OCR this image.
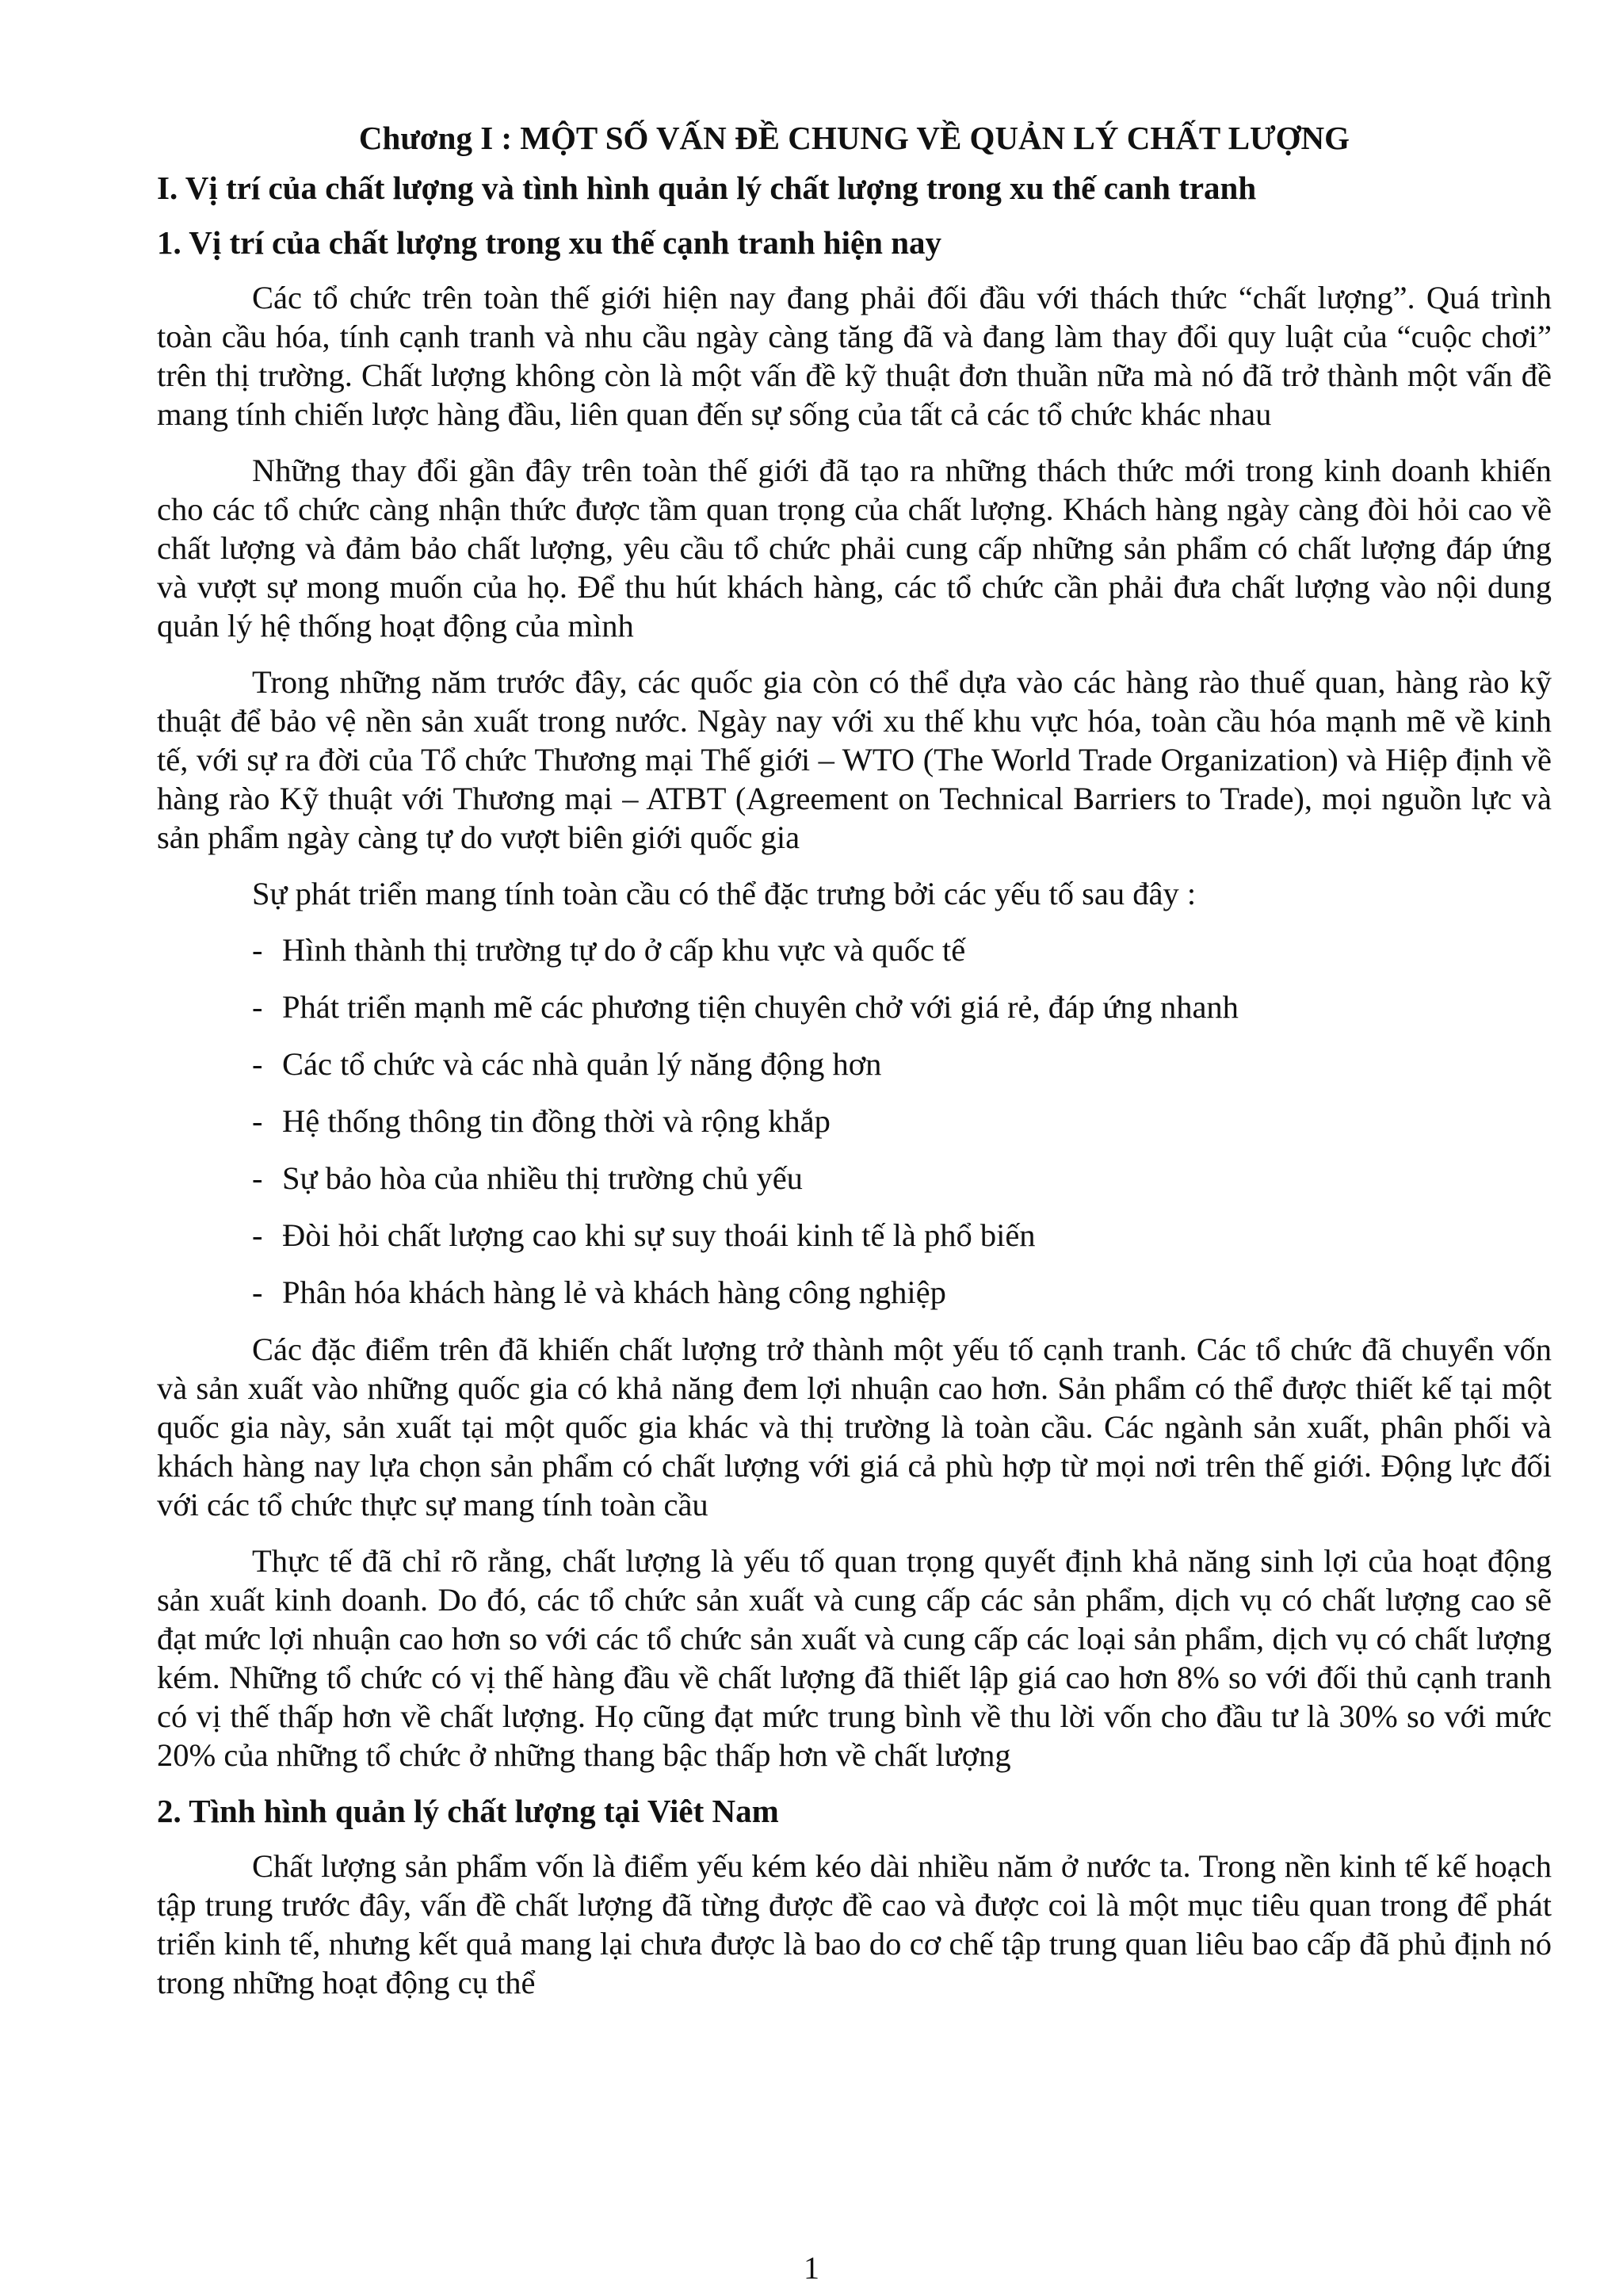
Chương I : MỘT SỐ VẤN ĐỀ CHUNG VỀ QUẢN LÝ CHẤT LƯỢNG
I. Vị trí của chất lượng và tình hình quản lý chất lượng trong xu thế canh tranh
1. Vị trí của chất lượng trong xu thế cạnh tranh hiện nay

Các tổ chức trên toàn thế giới hiện nay đang phải đối đầu với thách thức “chất lượng”. Quá trình toàn cầu hóa, tính cạnh tranh và nhu cầu ngày càng tăng đã và đang làm thay đổi quy luật của “cuộc chơi” trên thị trường. Chất lượng không còn là một vấn đề kỹ thuật đơn thuần nữa mà nó đã trở thành một vấn đề mang tính chiến lược hàng đầu, liên quan đến sự sống của tất cả các tổ chức khác nhau

Những thay đổi gần đây trên toàn thế giới đã tạo ra những thách thức mới trong kinh doanh khiến cho các tổ chức càng nhận thức được tầm quan trọng của chất lượng. Khách hàng ngày càng đòi hỏi cao về chất lượng và đảm bảo chất lượng, yêu cầu tổ chức phải cung cấp những sản phẩm có chất lượng đáp ứng và vượt sự mong muốn của họ. Để thu hút khách hàng, các tổ chức cần phải đưa chất lượng vào nội dung quản lý hệ thống hoạt động của mình

Trong những năm trước đây, các quốc gia còn có thể dựa vào các hàng rào thuế quan, hàng rào kỹ thuật để bảo vệ nền sản xuất trong nước. Ngày nay với xu thế khu vực hóa, toàn cầu hóa mạnh mẽ về kinh tế, với sự ra đời của Tổ chức Thương mại Thế giới – WTO (The World Trade Organization) và Hiệp định về hàng rào Kỹ thuật với Thương mại – ATBT (Agreement on Technical Barriers to Trade), mọi nguồn lực và sản phẩm ngày càng tự do vượt biên giới quốc gia

Sự phát triển mang tính toàn cầu có thể đặc trưng bởi các yếu tố sau đây :

- Hình thành thị trường tự do ở cấp khu vực và quốc tế
- Phát triển mạnh mẽ các phương tiện chuyên chở với giá rẻ, đáp ứng nhanh
- Các tổ chức và các nhà quản lý năng động hơn
- Hệ thống thông tin đồng thời và rộng khắp
- Sự bảo hòa của nhiều thị trường chủ yếu
- Đòi hỏi chất lượng cao khi sự suy thoái kinh tế là phổ biến
- Phân hóa khách hàng lẻ và khách hàng công nghiệp

Các đặc điểm trên đã khiến chất lượng trở thành một yếu tố cạnh tranh. Các tổ chức đã chuyển vốn và sản xuất vào những quốc gia có khả năng đem lợi nhuận cao hơn. Sản phẩm có thể được thiết kế tại một quốc gia này, sản xuất tại một quốc gia khác và thị trường là toàn cầu. Các ngành sản xuất, phân phối và khách hàng nay lựa chọn sản phẩm có chất lượng với giá cả phù hợp từ mọi nơi trên thế giới. Động lực đối với các tổ chức thực sự mang tính toàn cầu

Thực tế đã chỉ rõ rằng, chất lượng là yếu tố quan trọng quyết định khả năng sinh lợi của hoạt động sản xuất kinh doanh. Do đó, các tổ chức sản xuất và cung cấp các sản phẩm, dịch vụ có chất lượng cao sẽ đạt mức lợi nhuận cao hơn so với các tổ chức sản xuất và cung cấp các loại sản phẩm, dịch vụ có chất lượng kém. Những tổ chức có vị thế hàng đầu về chất lượng đã thiết lập giá cao hơn 8% so với đối thủ cạnh tranh có vị thế thấp hơn về chất lượng. Họ cũng đạt mức trung bình về thu lời vốn cho đầu tư là 30% so với mức 20% của những tổ chức ở những thang bậc thấp hơn về chất lượng

2. Tình hình quản lý chất lượng tại Viêt Nam

Chất lượng sản phẩm vốn là điểm yếu kém kéo dài nhiều năm ở nước ta. Trong nền kinh tế kế hoạch tập trung trước đây, vấn đề chất lượng đã từng được đề cao và được coi là một mục tiêu quan trong để phát triển kinh tế, nhưng kết quả mang lại chưa được là bao do cơ chế tập trung quan liêu bao cấp đã phủ định nó trong những hoạt động cụ thể

1
